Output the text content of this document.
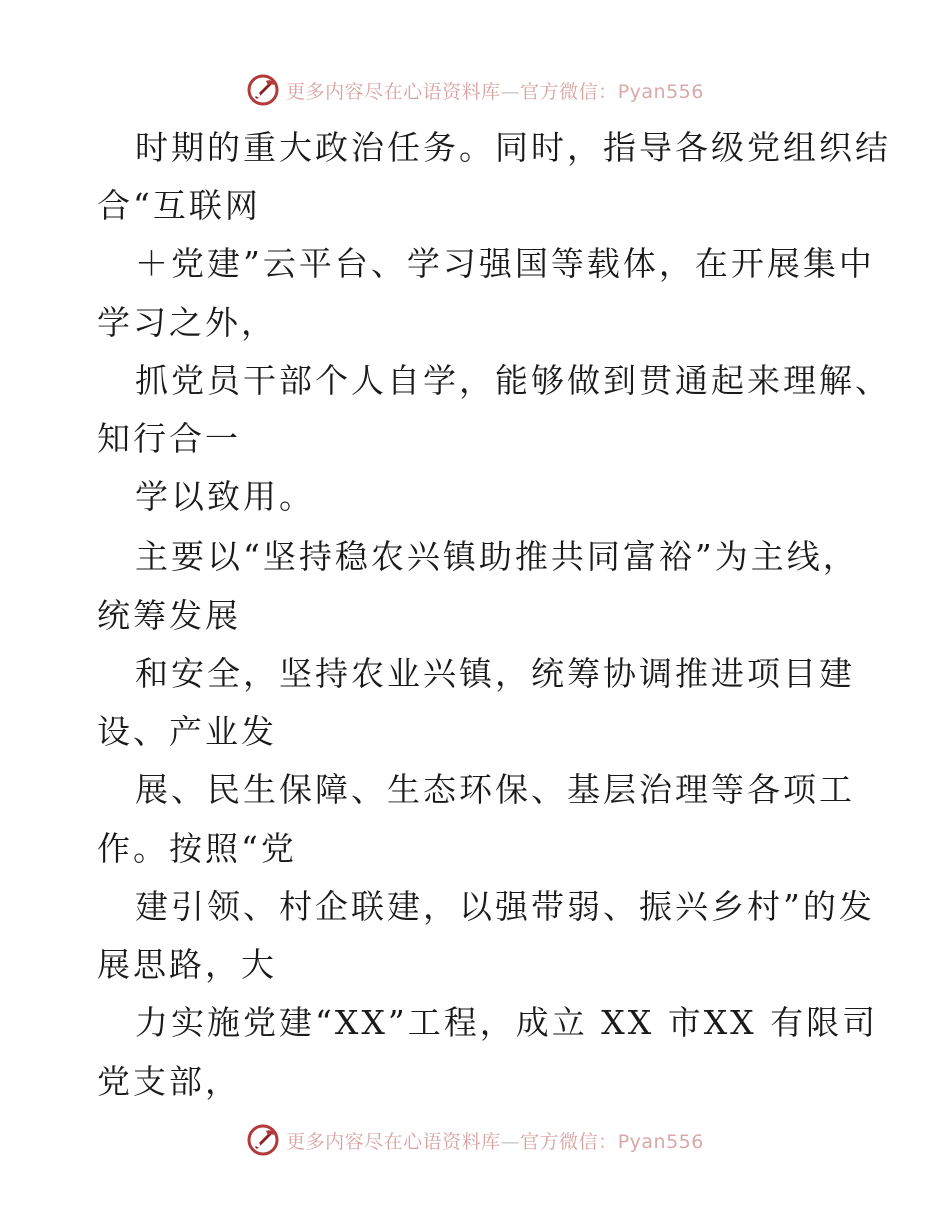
更多内容尽在心语资料库—官方微信：Pyan556
时期的重大政治任务。同时，指导各级党组织结
合“互联网
＋党建”云平台、学习强国等载体，在开展集中
学习之外，
抓党员干部个人自学，能够做到贯通起来理解、
知行合一
学以致用。
主要以“坚持稳农兴镇助推共同富裕”为主线，
统筹发展
和安全，坚持农业兴镇，统筹协调推进项目建
设、产业发
展、民生保障、生态环保、基层治理等各项工
作。按照“党
建引领、村企联建，以强带弱、振兴乡村”的发
展思路，大
力实施党建“XX”工程，成立 XX 市XX 有限司
党支部，
更多内容尽在心语资料库—官方微信：Pyan556
